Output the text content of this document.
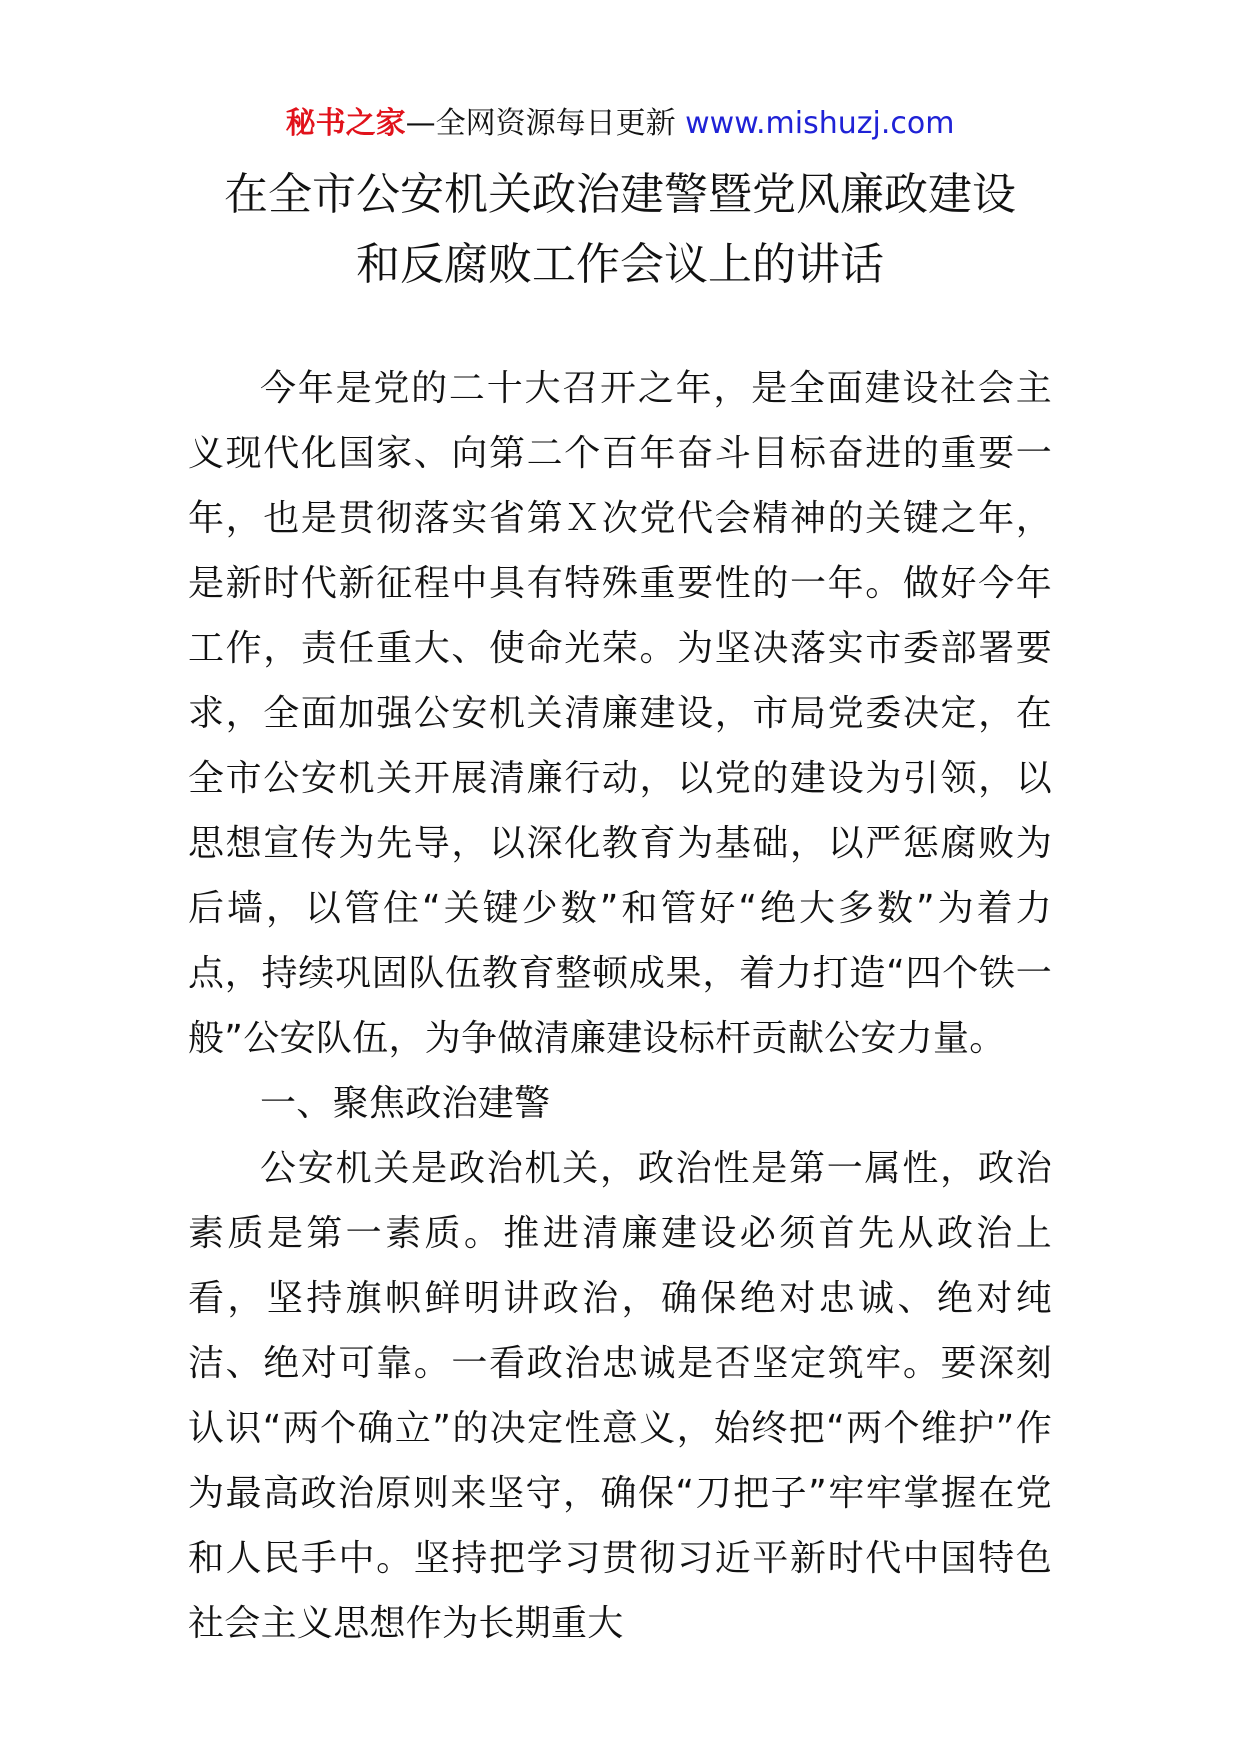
秘书之家—全网资源每日更新 www.mishuzj.com
在全市公安机关政治建警暨党风廉政建设
和反腐败工作会议上的讲话

今年是党的二十大召开之年，是全面建设社会主义现代化国家、向第二个百年奋斗目标奋进的重要一年，也是贯彻落实省第Ｘ次党代会精神的关键之年，是新时代新征程中具有特殊重要性的一年。做好今年工作，责任重大、使命光荣。为坚决落实市委部署要求，全面加强公安机关清廉建设，市局党委决定，在全市公安机关开展清廉行动，以党的建设为引领，以思想宣传为先导，以深化教育为基础，以严惩腐败为后墙，以管住“关键少数”和管好“绝大多数”为着力点，持续巩固队伍教育整顿成果，着力打造“四个铁一般”公安队伍，为争做清廉建设标杆贡献公安力量。

一、聚焦政治建警

公安机关是政治机关，政治性是第一属性，政治素质是第一素质。推进清廉建设必须首先从政治上看，坚持旗帜鲜明讲政治，确保绝对忠诚、绝对纯洁、绝对可靠。一看政治忠诚是否坚定筑牢。要深刻认识“两个确立”的决定性意义，始终把“两个维护”作为最高政治原则来坚守，确保“刀把子”牢牢掌握在党和人民手中。坚持把学习贯彻习近平新时代中国特色社会主义思想作为长期重大
